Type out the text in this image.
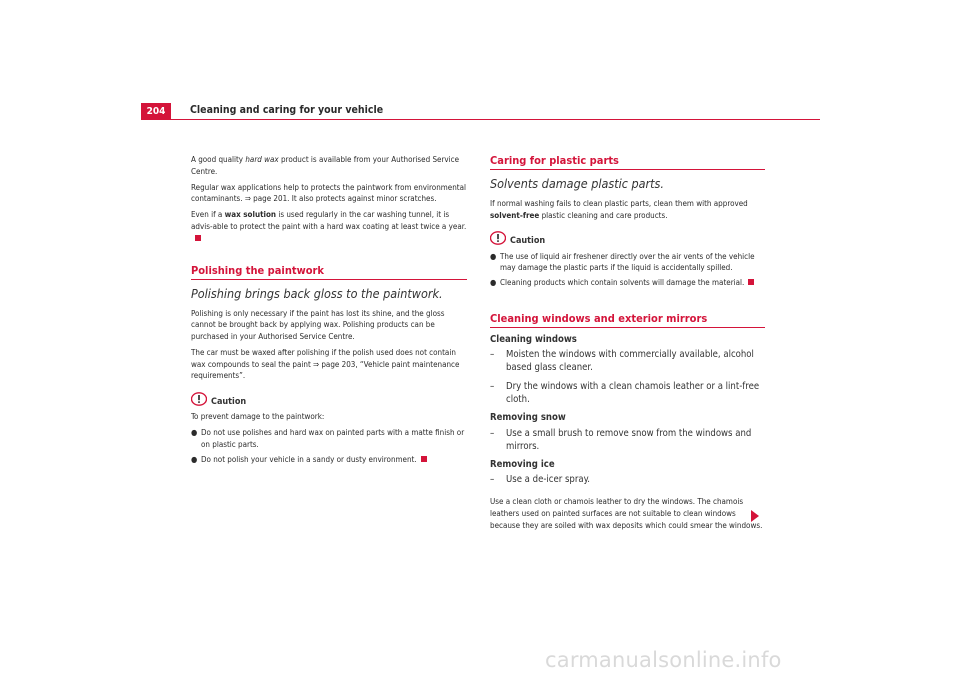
204	Cleaning and caring for your vehicle

A good quality hard wax product is available from your Authorised Service Centre.

Regular wax applications help to protects the paintwork from environmental contaminants. ⇒ page 201. It also protects against minor scratches.

Even if a wax solution is used regularly in the car washing tunnel, it is advis-able to protect the paint with a hard wax coating at least twice a year.

Polishing the paintwork
Polishing brings back gloss to the paintwork.

Polishing is only necessary if the paint has lost its shine, and the gloss cannot be brought back by applying wax. Polishing products can be purchased in your Authorised Service Centre.

The car must be waxed after polishing if the polish used does not contain wax compounds to seal the paint ⇒ page 203, “Vehicle paint maintenance requirements”.

Caution

To prevent damage to the paintwork:

● Do not use polishes and hard wax on painted parts with a matte finish or on plastic parts.
● Do not polish your vehicle in a sandy or dusty environment.
Caring for plastic parts
Solvents damage plastic parts.

If normal washing fails to clean plastic parts, clean them with approved solvent-free plastic cleaning and care products.

Caution
● The use of liquid air freshener directly over the air vents of the vehicle may damage the plastic parts if the liquid is accidentally spilled.
● Cleaning products which contain solvents will damage the material.
Cleaning windows and exterior mirrors
Cleaning windows
–	Moisten the windows with commercially available, alcohol based glass cleaner.
–	Dry the windows with a clean chamois leather or a lint-free cloth.
Removing snow
–	Use a small brush to remove snow from the windows and mirrors.
Removing ice
–	Use a de-icer spray.

Use a clean cloth or chamois leather to dry the windows. The chamois leathers used on painted surfaces are not suitable to clean windows because they are soiled with wax deposits which could smear the windows.

carmanualsonline.info
